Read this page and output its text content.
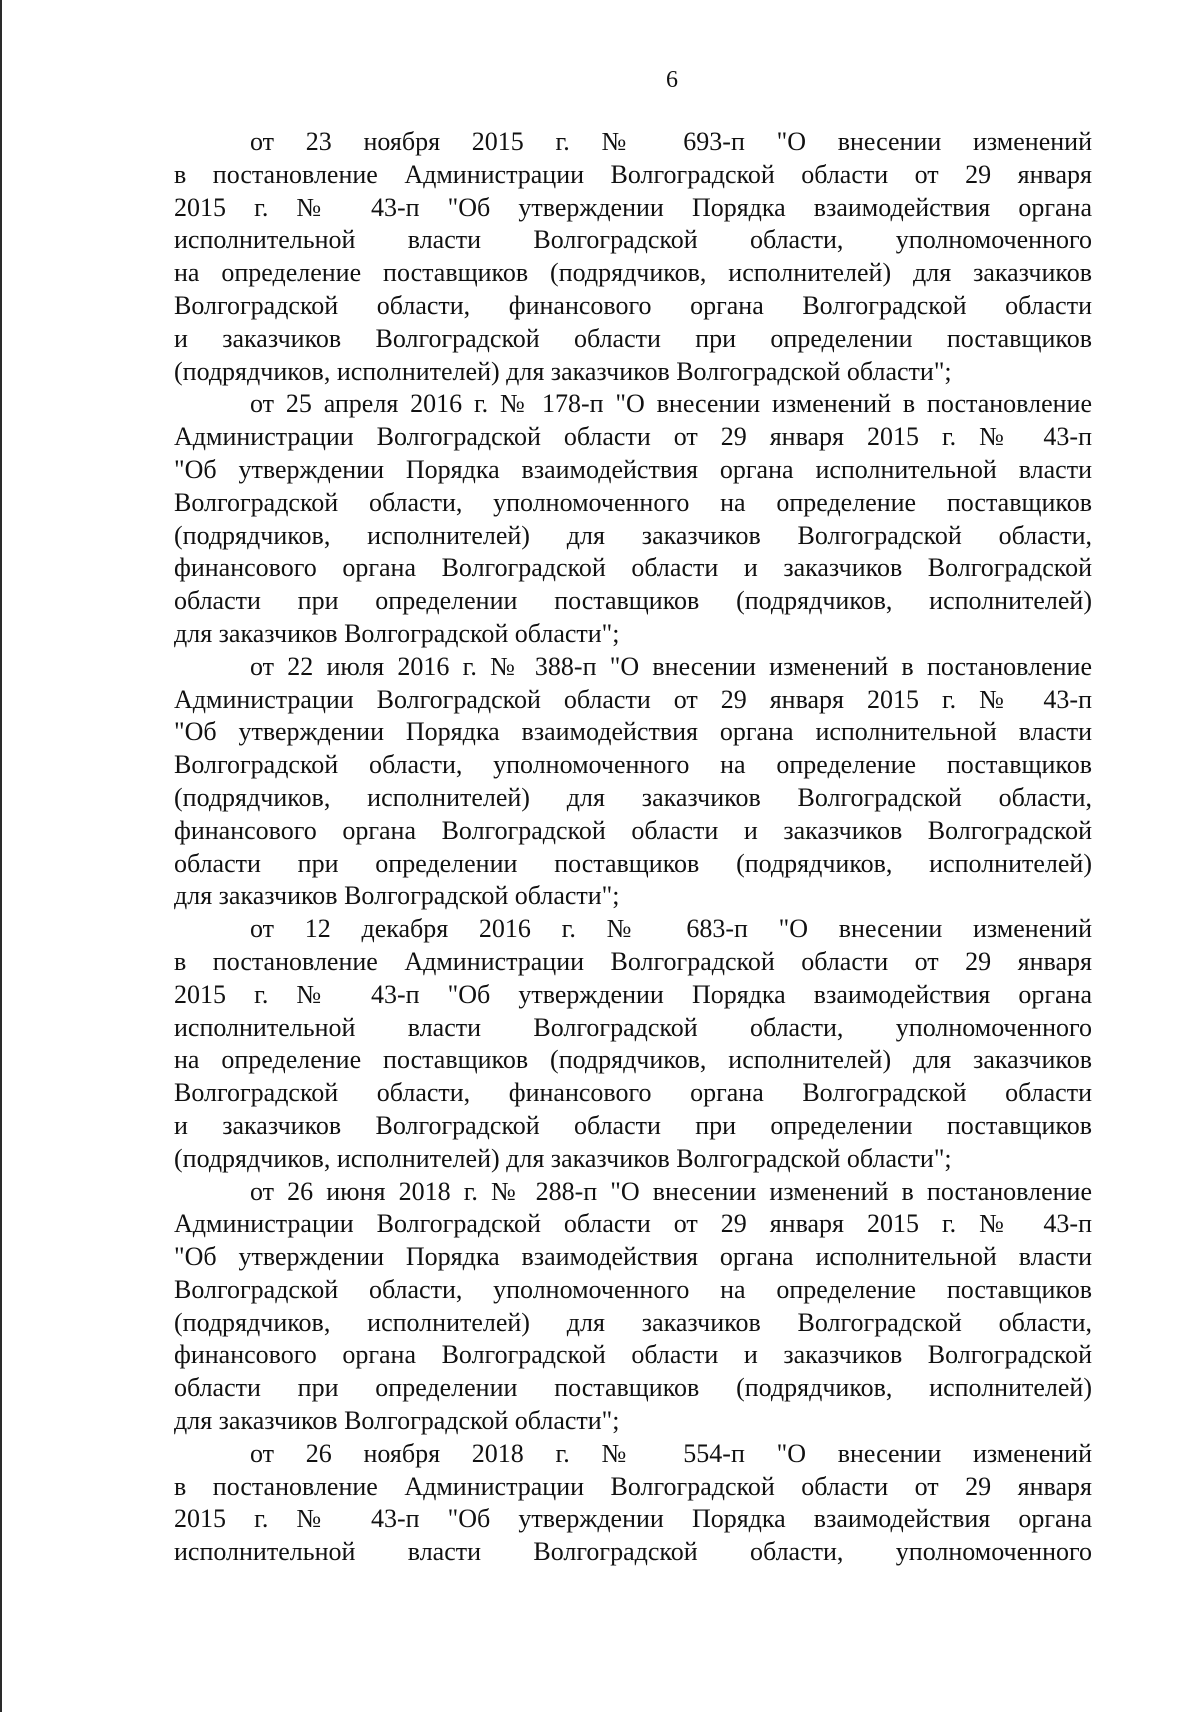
6
от 23 ноября 2015 г. № 693-п "О внесении изменений
в постановление Администрации Волгоградской области от 29 января
2015 г. № 43-п "Об утверждении Порядка взаимодействия органа
исполнительной власти Волгоградской области, уполномоченного
на определение поставщиков (подрядчиков, исполнителей) для заказчиков
Волгоградской области, финансового органа Волгоградской области
и заказчиков Волгоградской области при определении поставщиков
(подрядчиков, исполнителей) для заказчиков Волгоградской области";
от 25 апреля 2016 г. № 178-п "О внесении изменений в постановление
Администрации Волгоградской области от 29 января 2015 г. № 43-п
"Об утверждении Порядка взаимодействия органа исполнительной власти
Волгоградской области, уполномоченного на определение поставщиков
(подрядчиков, исполнителей) для заказчиков Волгоградской области,
финансового органа Волгоградской области и заказчиков Волгоградской
области при определении поставщиков (подрядчиков, исполнителей)
для заказчиков Волгоградской области";
от 22 июля 2016 г. № 388-п "О внесении изменений в постановление
Администрации Волгоградской области от 29 января 2015 г. № 43-п
"Об утверждении Порядка взаимодействия органа исполнительной власти
Волгоградской области, уполномоченного на определение поставщиков
(подрядчиков, исполнителей) для заказчиков Волгоградской области,
финансового органа Волгоградской области и заказчиков Волгоградской
области при определении поставщиков (подрядчиков, исполнителей)
для заказчиков Волгоградской области";
от 12 декабря 2016 г. № 683-п "О внесении изменений
в постановление Администрации Волгоградской области от 29 января
2015 г. № 43-п "Об утверждении Порядка взаимодействия органа
исполнительной власти Волгоградской области, уполномоченного
на определение поставщиков (подрядчиков, исполнителей) для заказчиков
Волгоградской области, финансового органа Волгоградской области
и заказчиков Волгоградской области при определении поставщиков
(подрядчиков, исполнителей) для заказчиков Волгоградской области";
от 26 июня 2018 г. № 288-п "О внесении изменений в постановление
Администрации Волгоградской области от 29 января 2015 г. № 43-п
"Об утверждении Порядка взаимодействия органа исполнительной власти
Волгоградской области, уполномоченного на определение поставщиков
(подрядчиков, исполнителей) для заказчиков Волгоградской области,
финансового органа Волгоградской области и заказчиков Волгоградской
области при определении поставщиков (подрядчиков, исполнителей)
для заказчиков Волгоградской области";
от 26 ноября 2018 г. № 554-п "О внесении изменений
в постановление Администрации Волгоградской области от 29 января
2015 г. № 43-п "Об утверждении Порядка взаимодействия органа
исполнительной власти Волгоградской области, уполномоченного
